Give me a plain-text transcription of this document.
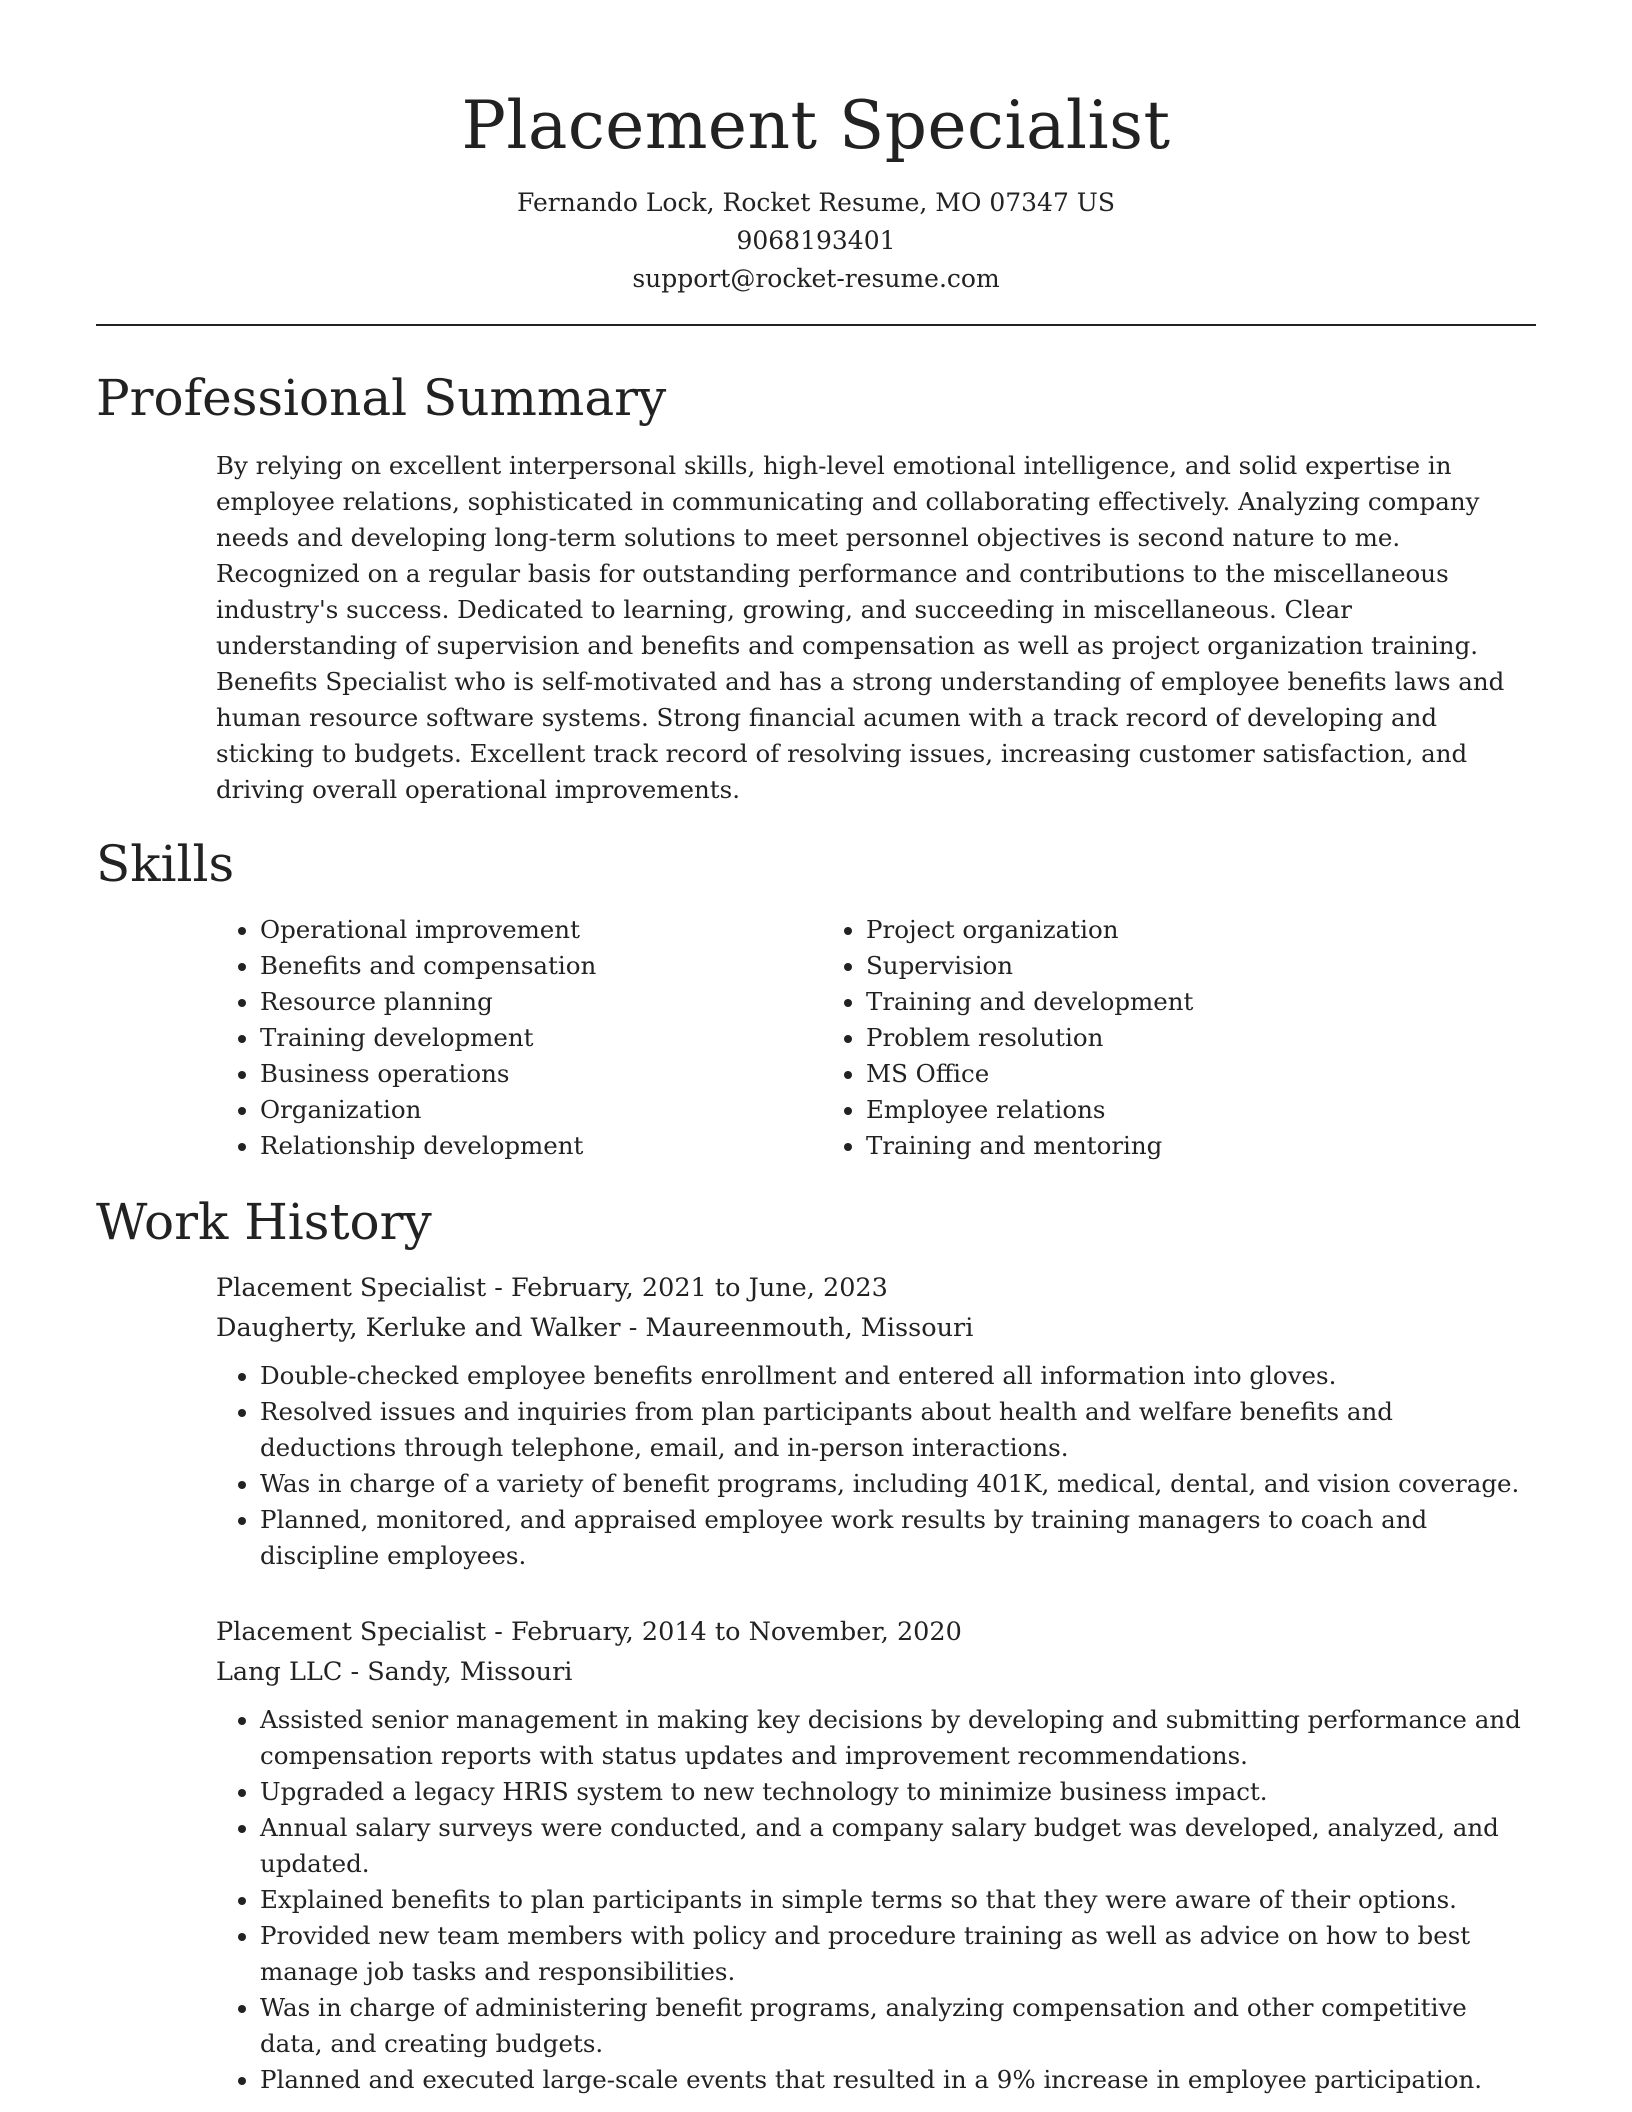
Placement Specialist
Fernando Lock, Rocket Resume, MO 07347 US
9068193401
support@rocket-resume.com
Professional Summary

By relying on excellent interpersonal skills, high-level emotional intelligence, and solid expertise in employee relations, sophisticated in communicating and collaborating effectively. Analyzing company needs and developing long-term solutions to meet personnel objectives is second nature to me. Recognized on a regular basis for outstanding performance and contributions to the miscellaneous industry's success. Dedicated to learning, growing, and succeeding in miscellaneous. Clear understanding of supervision and benefits and compensation as well as project organization training. Benefits Specialist who is self-motivated and has a strong understanding of employee benefits laws and human resource software systems. Strong financial acumen with a track record of developing and sticking to budgets. Excellent track record of resolving issues, increasing customer satisfaction, and driving overall operational improvements.

Skills
• Operational improvement
• Benefits and compensation
• Resource planning
• Training development
• Business operations
• Organization
• Relationship development
• Project organization
• Supervision
• Training and development
• Problem resolution
• MS Office
• Employee relations
• Training and mentoring
Work History
Placement Specialist - February, 2021 to June, 2023
Daugherty, Kerluke and Walker - Maureenmouth, Missouri
• Double-checked employee benefits enrollment and entered all information into gloves.
• Resolved issues and inquiries from plan participants about health and welfare benefits and deductions through telephone, email, and in-person interactions.
• Was in charge of a variety of benefit programs, including 401K, medical, dental, and vision coverage.
• Planned, monitored, and appraised employee work results by training managers to coach and discipline employees.
Placement Specialist - February, 2014 to November, 2020
Lang LLC - Sandy, Missouri
• Assisted senior management in making key decisions by developing and submitting performance and compensation reports with status updates and improvement recommendations.
• Upgraded a legacy HRIS system to new technology to minimize business impact.
• Annual salary surveys were conducted, and a company salary budget was developed, analyzed, and updated.
• Explained benefits to plan participants in simple terms so that they were aware of their options.
• Provided new team members with policy and procedure training as well as advice on how to best manage job tasks and responsibilities.
• Was in charge of administering benefit programs, analyzing compensation and other competitive data, and creating budgets.
• Planned and executed large-scale events that resulted in a 9% increase in employee participation.
